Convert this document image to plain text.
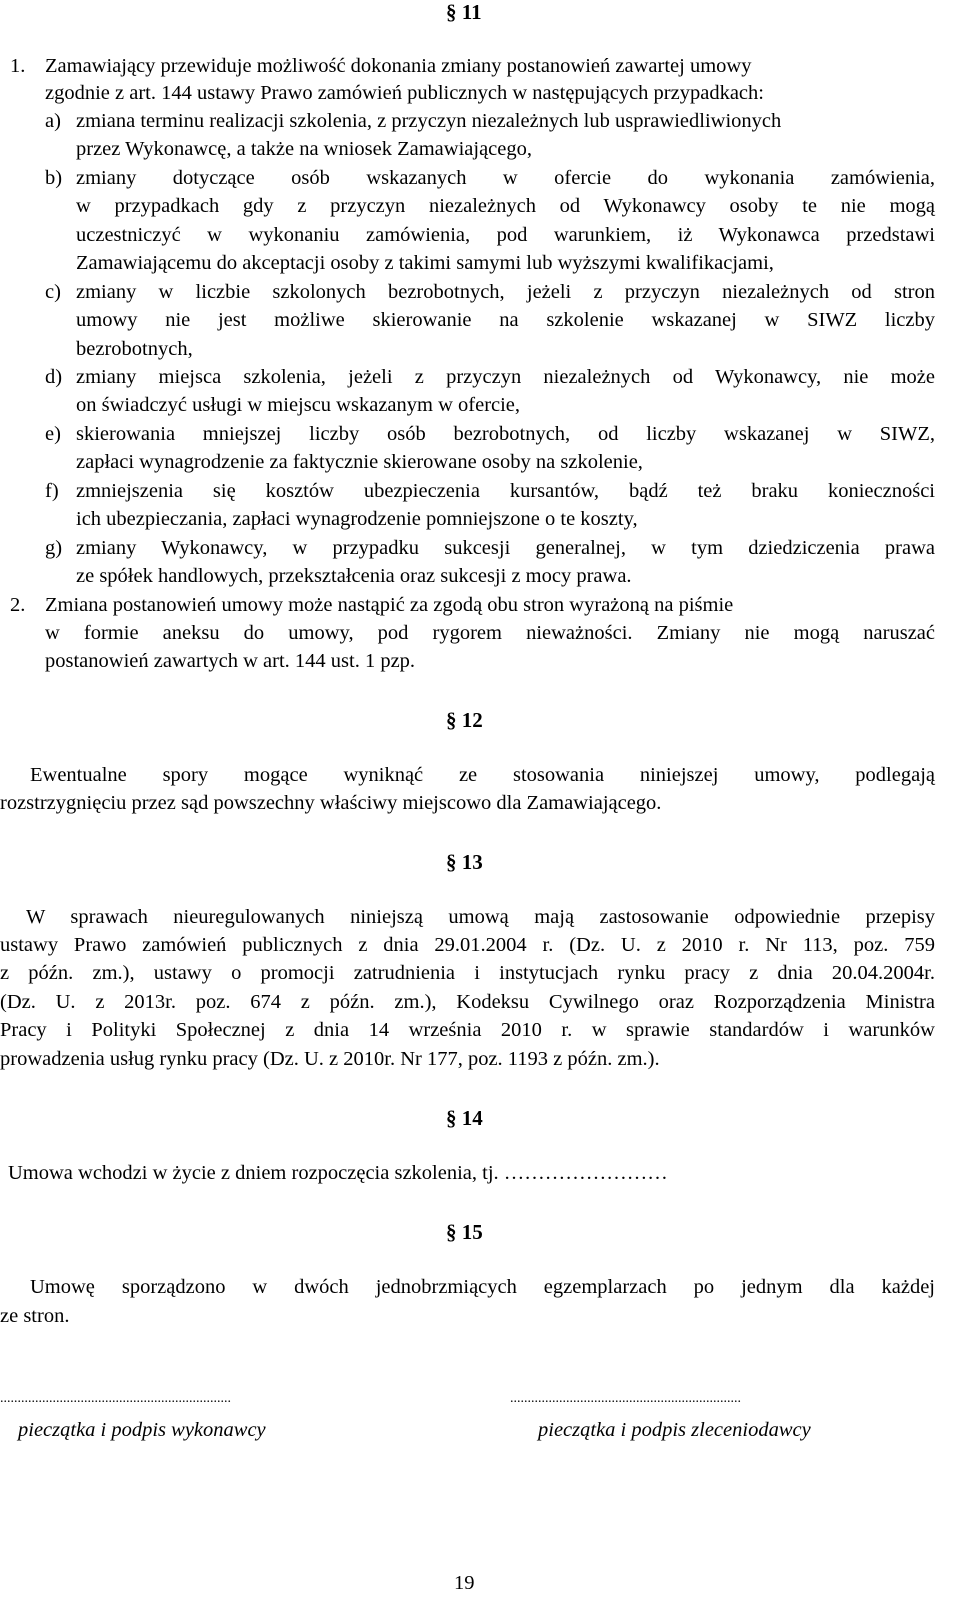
§ 11
1. Zamawiający przewiduje możliwość dokonania zmiany postanowień zawartej umowy
zgodnie z art. 144 ustawy Prawo zamówień publicznych w następujących przypadkach:
a) zmiana terminu realizacji szkolenia, z przyczyn niezależnych lub usprawiedliwionych
przez Wykonawcę, a także na wniosek Zamawiającego,
b) zmiany dotyczące osób wskazanych w ofercie do wykonania zamówienia,
w przypadkach gdy z przyczyn niezależnych od Wykonawcy osoby te nie mogą
uczestniczyć w wykonaniu zamówienia, pod warunkiem, iż Wykonawca przedstawi
Zamawiającemu do akceptacji osoby z takimi samymi lub wyższymi kwalifikacjami,
c) zmiany w liczbie szkolonych bezrobotnych, jeżeli z przyczyn niezależnych od stron
umowy nie jest możliwe skierowanie na szkolenie wskazanej w SIWZ liczby
bezrobotnych,
d) zmiany miejsca szkolenia, jeżeli z przyczyn niezależnych od Wykonawcy, nie może
on świadczyć usługi w miejscu wskazanym w ofercie,
e) skierowania mniejszej liczby osób bezrobotnych, od liczby wskazanej w SIWZ,
zapłaci wynagrodzenie za faktycznie skierowane osoby na szkolenie,
f) zmniejszenia się kosztów ubezpieczenia kursantów, bądź też braku konieczności
ich ubezpieczania, zapłaci wynagrodzenie pomniejszone o te koszty,
g) zmiany Wykonawcy, w przypadku sukcesji generalnej, w tym dziedziczenia prawa
ze spółek handlowych, przekształcenia oraz sukcesji z mocy prawa.
2. Zmiana postanowień umowy może nastąpić za zgodą obu stron wyrażoną na piśmie
w formie aneksu do umowy, pod rygorem nieważności. Zmiany nie mogą naruszać
postanowień zawartych w art. 144 ust. 1 pzp.
§ 12
Ewentualne spory mogące wyniknąć ze stosowania niniejszej umowy, podlegają
rozstrzygnięciu przez sąd powszechny właściwy miejscowo dla Zamawiającego.
§ 13
W sprawach nieuregulowanych niniejszą umową mają zastosowanie odpowiednie przepisy
ustawy Prawo zamówień publicznych z dnia 29.01.2004 r. (Dz. U. z 2010 r. Nr 113, poz. 759
z późn. zm.), ustawy o promocji zatrudnienia i instytucjach rynku pracy z dnia 20.04.2004r.
(Dz. U. z 2013r. poz. 674 z późn. zm.), Kodeksu Cywilnego oraz Rozporządzenia Ministra
Pracy i Polityki Społecznej z dnia 14 września 2010 r. w sprawie standardów i warunków
prowadzenia usług rynku pracy (Dz. U. z 2010r. Nr 177, poz. 1193 z późn. zm.).
§ 14
Umowa wchodzi w życie z dniem rozpoczęcia szkolenia, tj. ……………………
§ 15
Umowę sporządzono w dwóch jednobrzmiących egzemplarzach po jednym dla każdej
ze stron.
..................................................................
pieczątka i podpis wykonawcy
..................................................................
pieczątka i podpis zleceniodawcy
19
